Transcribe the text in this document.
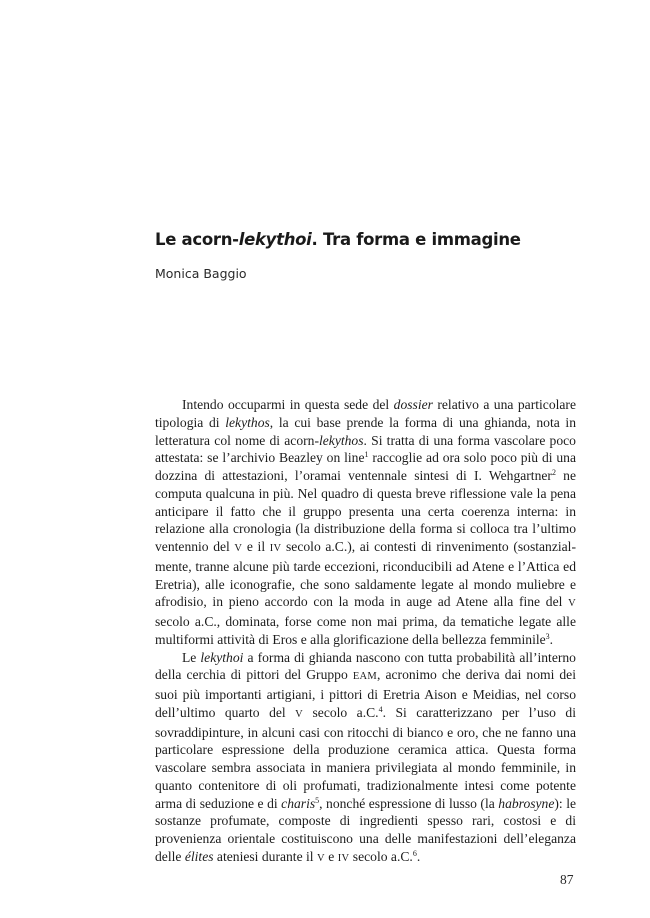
Le acorn-lekythoi. Tra forma e immagine

Monica Baggio

Intendo occuparmi in questa sede del dossier relativo a una particolare tipologia di lekythos, la cui base prende la forma di una ghianda, nota in letteratura col nome di acorn-lekythos. Si tratta di una forma vascolare poco attestata: se l’archivio Beazley on line$^1$ raccoglie ad ora solo poco più di una dozzina di attestazioni, l’oramai ventennale sintesi di I. Wehgartner$^2$ ne computa qualcuna in più. Nel quadro di questa breve riflessione vale la pena anticipare il fatto che il gruppo presenta una certa coerenza interna: in relazione alla cronologia (la distribuzione della forma si colloca tra l’ultimo ventennio del V e il IV secolo a.C.), ai contesti di rinvenimento (sostanzialmente, tranne alcune più tarde eccezioni, riconducibili ad Atene e l’Attica ed Eretria), alle iconografie, che sono saldamente legate al mondo muliebre e afrodisio, in pieno accordo con la moda in auge ad Atene alla fine del V secolo a.C., dominata, forse come non mai prima, da tematiche legate alle multiformi attività di Eros e alla glorificazione della bellezza femminile$^3$.

Le lekythoi a forma di ghianda nascono con tutta probabilità all’interno della cerchia di pittori del Gruppo EAM, acronimo che deriva dai nomi dei suoi più importanti artigiani, i pittori di Eretria Aison e Meidias, nel corso dell’ultimo quarto del V secolo a.C.$^4$. Si caratterizzano per l’uso di sovraddipinture, in alcuni casi con ritocchi di bianco e oro, che ne fanno una particolare espressione della produzione ceramica attica. Questa forma vascolare sembra associata in maniera privilegiata al mondo femminile, in quanto contenitore di oli profumati, tradizionalmente intesi come potente arma di seduzione e di charis$^5$, nonché espressione di lusso (la habrosyne): le sostanze profumate, composte di ingredienti spesso rari, costosi e di provenienza orientale costituiscono una delle manifestazioni dell’eleganza delle élites ateniesi durante il V e IV secolo a.C.$^6$.

87
